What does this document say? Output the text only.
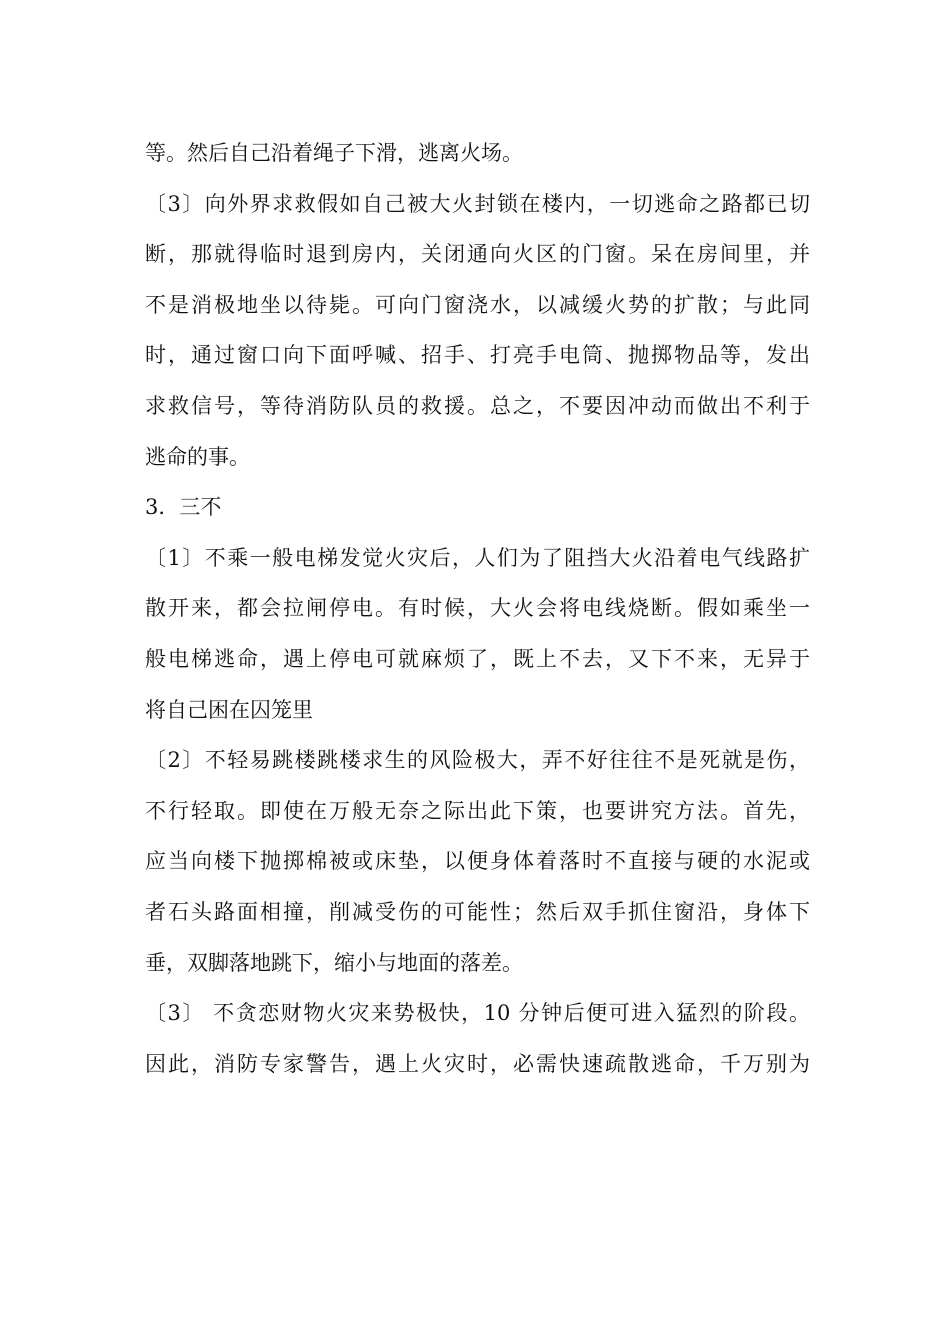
等。然后自己沿着绳子下滑，逃离火场。
〔3〕向外界求救假如自己被大火封锁在楼内，一切逃命之路都已切
断，那就得临时退到房内，关闭通向火区的门窗。呆在房间里，并
不是消极地坐以待毙。可向门窗浇水，以减缓火势的扩散；与此同
时，通过窗口向下面呼喊、招手、打亮手电筒、抛掷物品等，发出
求救信号，等待消防队员的救援。总之，不要因冲动而做出不利于
逃命的事。
3．三不
〔1〕不乘一般电梯发觉火灾后，人们为了阻挡大火沿着电气线路扩
散开来，都会拉闸停电。有时候，大火会将电线烧断。假如乘坐一
般电梯逃命，遇上停电可就麻烦了，既上不去，又下不来，无异于
将自己困在囚笼里
〔2〕不轻易跳楼跳楼求生的风险极大，弄不好往往不是死就是伤，
不行轻取。即使在万般无奈之际出此下策，也要讲究方法。首先，
应当向楼下抛掷棉被或床垫，以便身体着落时不直接与硬的水泥或
者石头路面相撞，削减受伤的可能性；然后双手抓住窗沿，身体下
垂，双脚落地跳下，缩小与地面的落差。
〔3〕 不贪恋财物火灾来势极快，10 分钟后便可进入猛烈的阶段。
因此，消防专家警告，遇上火灾时，必需快速疏散逃命，千万别为
